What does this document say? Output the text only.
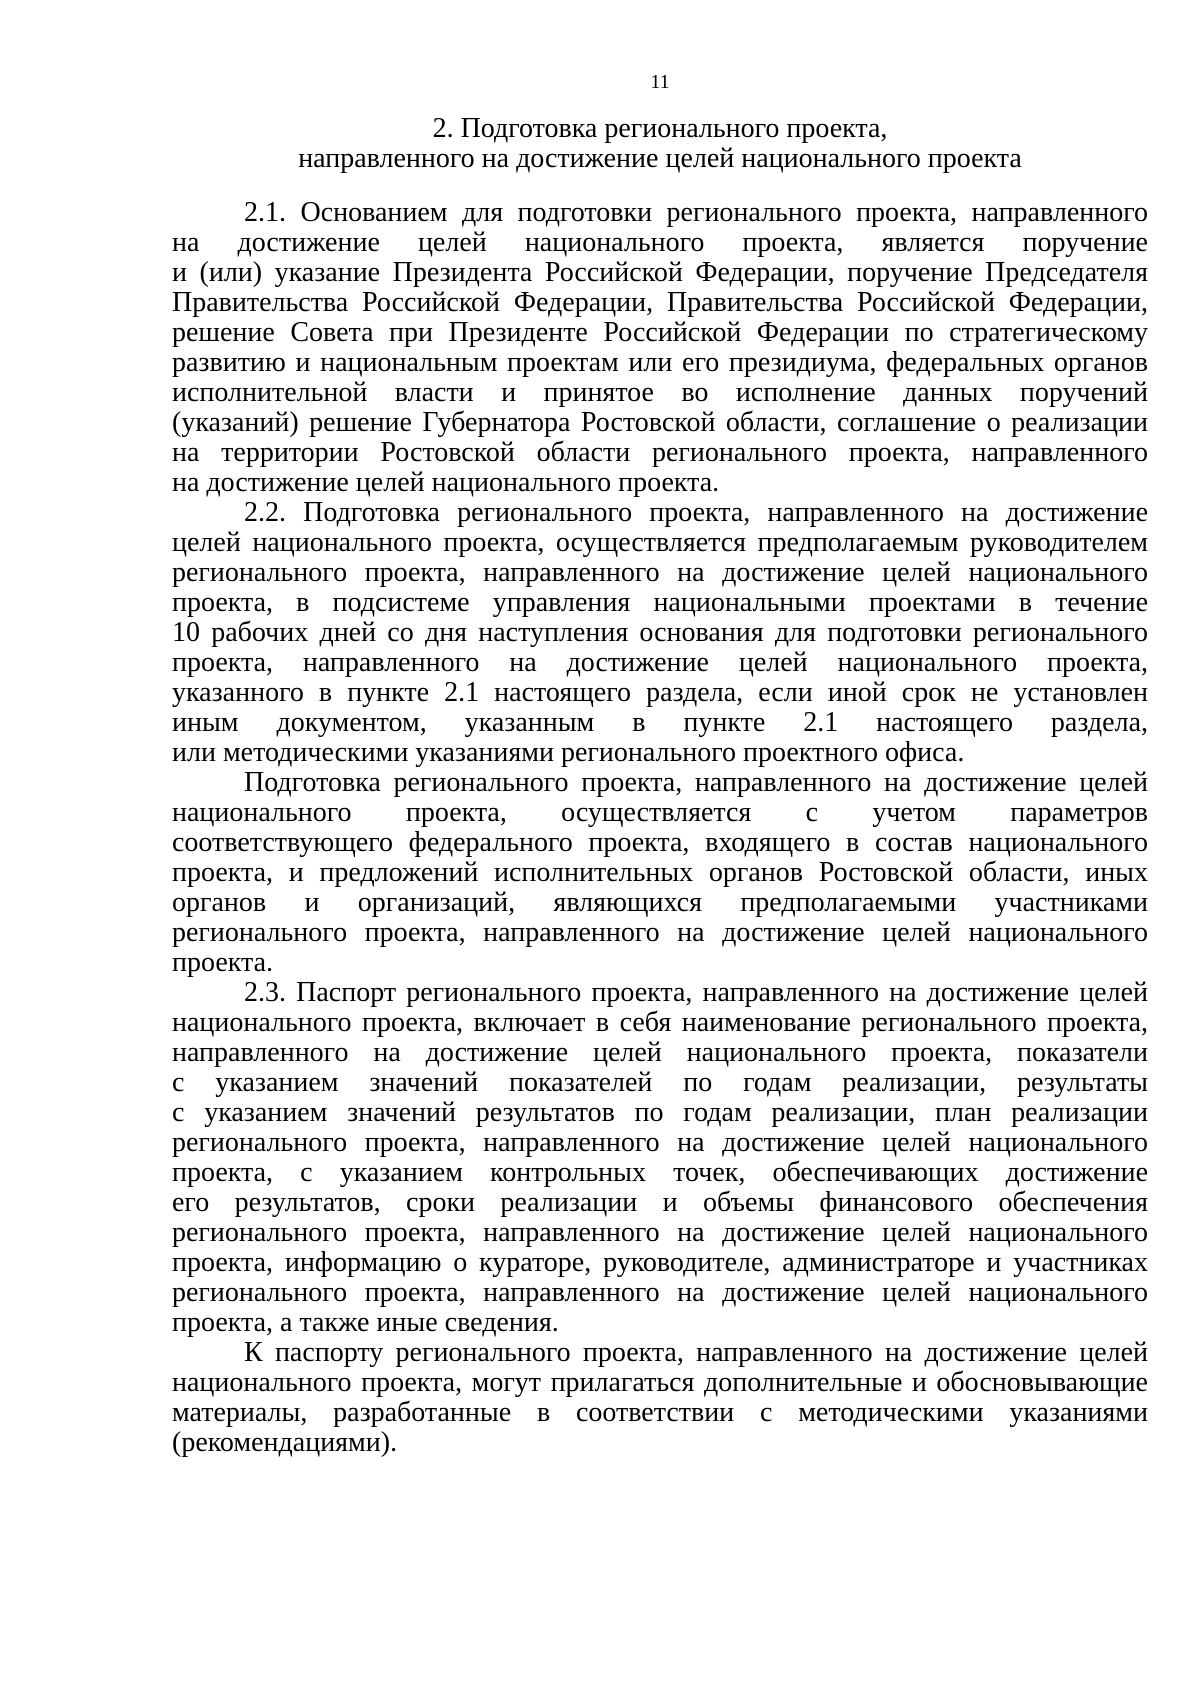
11
2. Подготовка регионального проекта,
направленного на достижение целей национального проекта

2.1. Основанием для подготовки регионального проекта, направленного
на достижение целей национального проекта, является поручение
и (или) указание Президента Российской Федерации, поручение Председателя
Правительства Российской Федерации, Правительства Российской Федерации,
решение Совета при Президенте Российской Федерации по стратегическому
развитию и национальным проектам или его президиума, федеральных органов
исполнительной власти и принятое во исполнение данных поручений
(указаний) решение Губернатора Ростовской области, соглашение о реализации
на территории Ростовской области регионального проекта, направленного
на достижение целей национального проекта.

2.2. Подготовка регионального проекта, направленного на достижение
целей национального проекта, осуществляется предполагаемым руководителем
регионального проекта, направленного на достижение целей национального
проекта, в подсистеме управления национальными проектами в течение
10 рабочих дней со дня наступления основания для подготовки регионального
проекта, направленного на достижение целей национального проекта,
указанного в пункте 2.1 настоящего раздела, если иной срок не установлен
иным документом, указанным в пункте 2.1 настоящего раздела,
или методическими указаниями регионального проектного офиса.

Подготовка регионального проекта, направленного на достижение целей
национального проекта, осуществляется с учетом параметров
соответствующего федерального проекта, входящего в состав национального
проекта, и предложений исполнительных органов Ростовской области, иных
органов и организаций, являющихся предполагаемыми участниками
регионального проекта, направленного на достижение целей национального
проекта.

2.3. Паспорт регионального проекта, направленного на достижение целей
национального проекта, включает в себя наименование регионального проекта,
направленного на достижение целей национального проекта, показатели
с указанием значений показателей по годам реализации, результаты
с указанием значений результатов по годам реализации, план реализации
регионального проекта, направленного на достижение целей национального
проекта, с указанием контрольных точек, обеспечивающих достижение
его результатов, сроки реализации и объемы финансового обеспечения
регионального проекта, направленного на достижение целей национального
проекта, информацию о кураторе, руководителе, администраторе и участниках
регионального проекта, направленного на достижение целей национального
проекта, а также иные сведения.

К паспорту регионального проекта, направленного на достижение целей
национального проекта, могут прилагаться дополнительные и обосновывающие
материалы, разработанные в соответствии с методическими указаниями
(рекомендациями).
